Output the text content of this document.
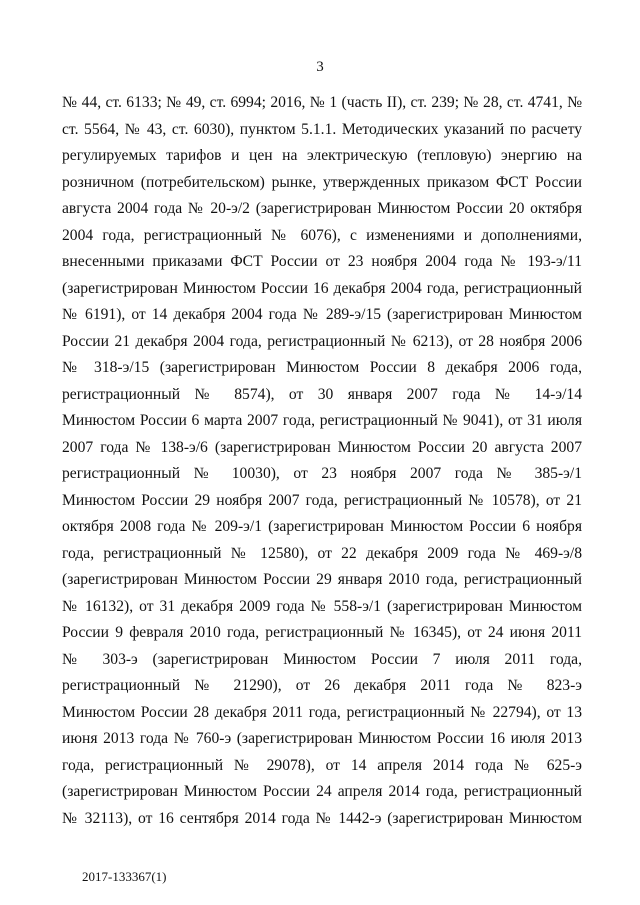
3
№ 44, ст. 6133; № 49, ст. 6994; 2016, № 1 (часть II), ст. 239; № 28, ст. 4741, №
ст. 5564, № 43, ст. 6030), пунктом 5.1.1. Методических указаний по расчету
регулируемых тарифов и цен на электрическую (тепловую) энергию на
розничном (потребительском) рынке, утвержденных приказом ФСТ России
августа 2004 года № 20-э/2 (зарегистрирован Минюстом России 20 октября
2004 года, регистрационный № 6076), с изменениями и дополнениями,
внесенными приказами ФСТ России от 23 ноября 2004 года № 193-э/11
(зарегистрирован Минюстом России 16 декабря 2004 года, регистрационный
№ 6191), от 14 декабря 2004 года № 289-э/15 (зарегистрирован Минюстом
России 21 декабря 2004 года, регистрационный № 6213), от 28 ноября 2006
№ 318-э/15 (зарегистрирован Минюстом России 8 декабря 2006 года,
регистрационный № 8574), от 30 января 2007 года № 14-э/14
Минюстом России 6 марта 2007 года, регистрационный № 9041), от 31 июля
2007 года № 138-э/6 (зарегистрирован Минюстом России 20 августа 2007
регистрационный № 10030), от 23 ноября 2007 года № 385-э/1
Минюстом России 29 ноября 2007 года, регистрационный № 10578), от 21
октября 2008 года № 209-э/1 (зарегистрирован Минюстом России 6 ноября
года, регистрационный № 12580), от 22 декабря 2009 года № 469-э/8
(зарегистрирован Минюстом России 29 января 2010 года, регистрационный
№ 16132), от 31 декабря 2009 года № 558-э/1 (зарегистрирован Минюстом
России 9 февраля 2010 года, регистрационный № 16345), от 24 июня 2011
№ 303-э (зарегистрирован Минюстом России 7 июля 2011 года,
регистрационный № 21290), от 26 декабря 2011 года № 823-э
Минюстом России 28 декабря 2011 года, регистрационный № 22794), от 13
июня 2013 года № 760-э (зарегистрирован Минюстом России 16 июля 2013
года, регистрационный № 29078), от 14 апреля 2014 года № 625-э
(зарегистрирован Минюстом России 24 апреля 2014 года, регистрационный
№ 32113), от 16 сентября 2014 года № 1442-э (зарегистрирован Минюстом
2017-133367(1)
